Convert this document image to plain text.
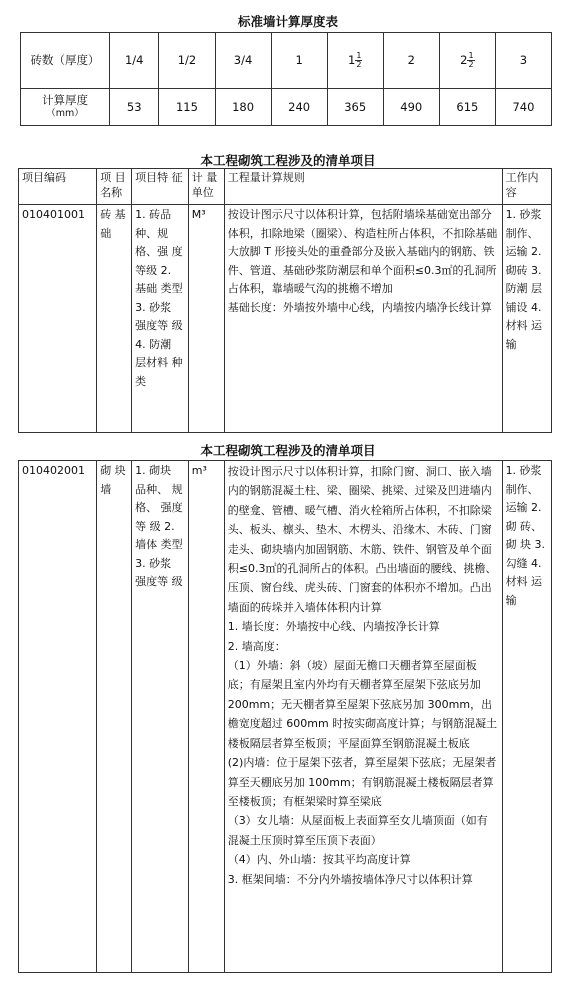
标准墙计算厚度表
砖数（厚度）	1/4	1/2	3/4	1	$1 \frac{1}{2}$	2	$2 \frac{1}{2}$	3

计算厚度
（mm）	53	115	180	240	365	490	615	740
本工程砌筑工程涉及的清单项目
项目编码	项 目 名称	项目特 征	计 量 单位	工程量计算规则	工作内 容
010401001	砖 基 础	1. 砖品 种、规 格、强 度等级 2. 基础 类型 3. 砂浆 强度等 级 4. 防潮 层材料 种类	M³	按设计图示尺寸以体积计算，包括附墙垛基础宽出部分体积，扣除地梁（圈梁）、构造柱所占体积，不扣除基础大放脚 T 形接头处的重叠部分及嵌入基础内的钢筋、铁件、管道、基础砂浆防潮层和单个面积≤0.3㎡的孔洞所占体积，靠墙暖气沟的挑檐不增加
基础长度：外墙按外墙中心线，内墙按内墙净长线计算	1. 砂浆 制作、 运输 2. 砌砖 3. 防潮 层铺设 4. 材料 运输
本工程砌筑工程涉及的清单项目
010402001	砌 块 墙	1. 砌块 品种、 规格、 强度等 级 2. 墙体 类型 3. 砂浆 强度等 级	m³	按设计图示尺寸以体积计算，扣除门窗、洞口、嵌入墙内的钢筋混凝土柱、梁、圈梁、挑梁、过梁及凹进墙内的壁龛、管槽、暖气槽、消火栓箱所占体积，不扣除梁头、板头、檩头、垫木、木楞头、沿缘木、木砖、门窗走头、砌块墙内加固钢筋、木筋、铁件、钢管及单个面积≤0.3㎡的孔洞所占的体积。凸出墙面的腰线、挑檐、压顶、窗台线、虎头砖、门窗套的体积亦不增加。凸出墙面的砖垛并入墙体体积内计算
1. 墙长度：外墙按中心线、内墙按净长计算
2. 墙高度：
（1）外墙：斜（坡）屋面无檐口天棚者算至屋面板底；有屋架且室内外均有天棚者算至屋架下弦底另加 200mm；无天棚者算至屋架下弦底另加 300mm，出檐宽度超过 600mm 时按实砌高度计算；与钢筋混凝土楼板隔层者算至板顶；平屋面算至钢筋混凝土板底
(2)内墙：位于屋架下弦者，算至屋架下弦底；无屋架者算至天棚底另加 100mm；有钢筋混凝土楼板隔层者算至楼板顶；有框架梁时算至梁底
（3）女儿墙：从屋面板上表面算至女儿墙顶面（如有混凝土压顶时算至压顶下表面）
（4）内、外山墙：按其平均高度计算
3. 框架间墙：不分内外墙按墙体净尺寸以体积计算
	1. 砂浆 制作、 运输 2.　砌 砖、砌 块 3. 勾缝 4. 材料 运输
